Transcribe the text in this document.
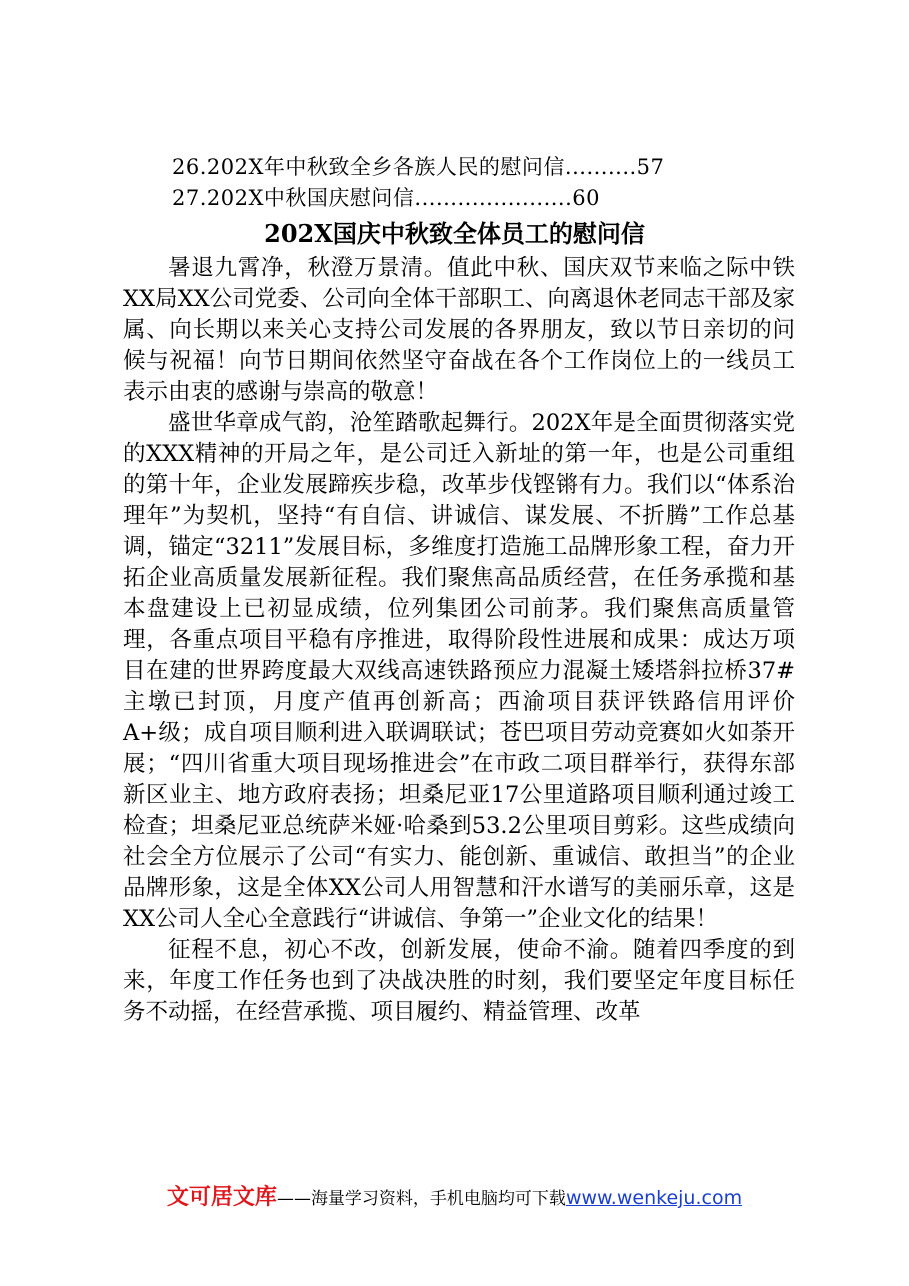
26.202X年中秋致全乡各族人民的慰问信..........57
27.202X中秋国庆慰问信......................60
202X国庆中秋致全体员工的慰问信

暑退九霄净，秋澄万景清。值此中秋、国庆双节来临之际中铁XX局XX公司党委、公司向全体干部职工、向离退休老同志干部及家属、向长期以来关心支持公司发展的各界朋友，致以节日亲切的问候与祝福！向节日期间依然坚守奋战在各个工作岗位上的一线员工表示由衷的感谢与崇高的敬意！

盛世华章成气韵，沧笙踏歌起舞行。202X年是全面贯彻落实党的XXX精神的开局之年，是公司迁入新址的第一年，也是公司重组的第十年，企业发展蹄疾步稳，改革步伐铿锵有力。我们以“体系治理年”为契机，坚持“有自信、讲诚信、谋发展、不折腾”工作总基调，锚定“3211”发展目标，多维度打造施工品牌形象工程，奋力开拓企业高质量发展新征程。我们聚焦高品质经营，在任务承揽和基本盘建设上已初显成绩，位列集团公司前茅。我们聚焦高质量管理，各重点项目平稳有序推进，取得阶段性进展和成果：成达万项目在建的世界跨度最大双线高速铁路预应力混凝土矮塔斜拉桥37#主墩已封顶，月度产值再创新高；西渝项目获评铁路信用评价A+级；成自项目顺利进入联调联试；苍巴项目劳动竞赛如火如荼开展；“四川省重大项目现场推进会”在市政二项目群举行，获得东部新区业主、地方政府表扬；坦桑尼亚17公里道路项目顺利通过竣工检查；坦桑尼亚总统萨米娅·哈桑到53.2公里项目剪彩。这些成绩向社会全方位展示了公司“有实力、能创新、重诚信、敢担当”的企业品牌形象，这是全体XX公司人用智慧和汗水谱写的美丽乐章，这是XX公司人全心全意践行“讲诚信、争第一”企业文化的结果！

征程不息，初心不改，创新发展，使命不渝。随着四季度的到来，年度工作任务也到了决战决胜的时刻，我们要坚定年度目标任务不动摇，在经营承揽、项目履约、精益管理、改革

文可居文库——海量学习资料，手机电脑均可下载www.wenkeju.com
